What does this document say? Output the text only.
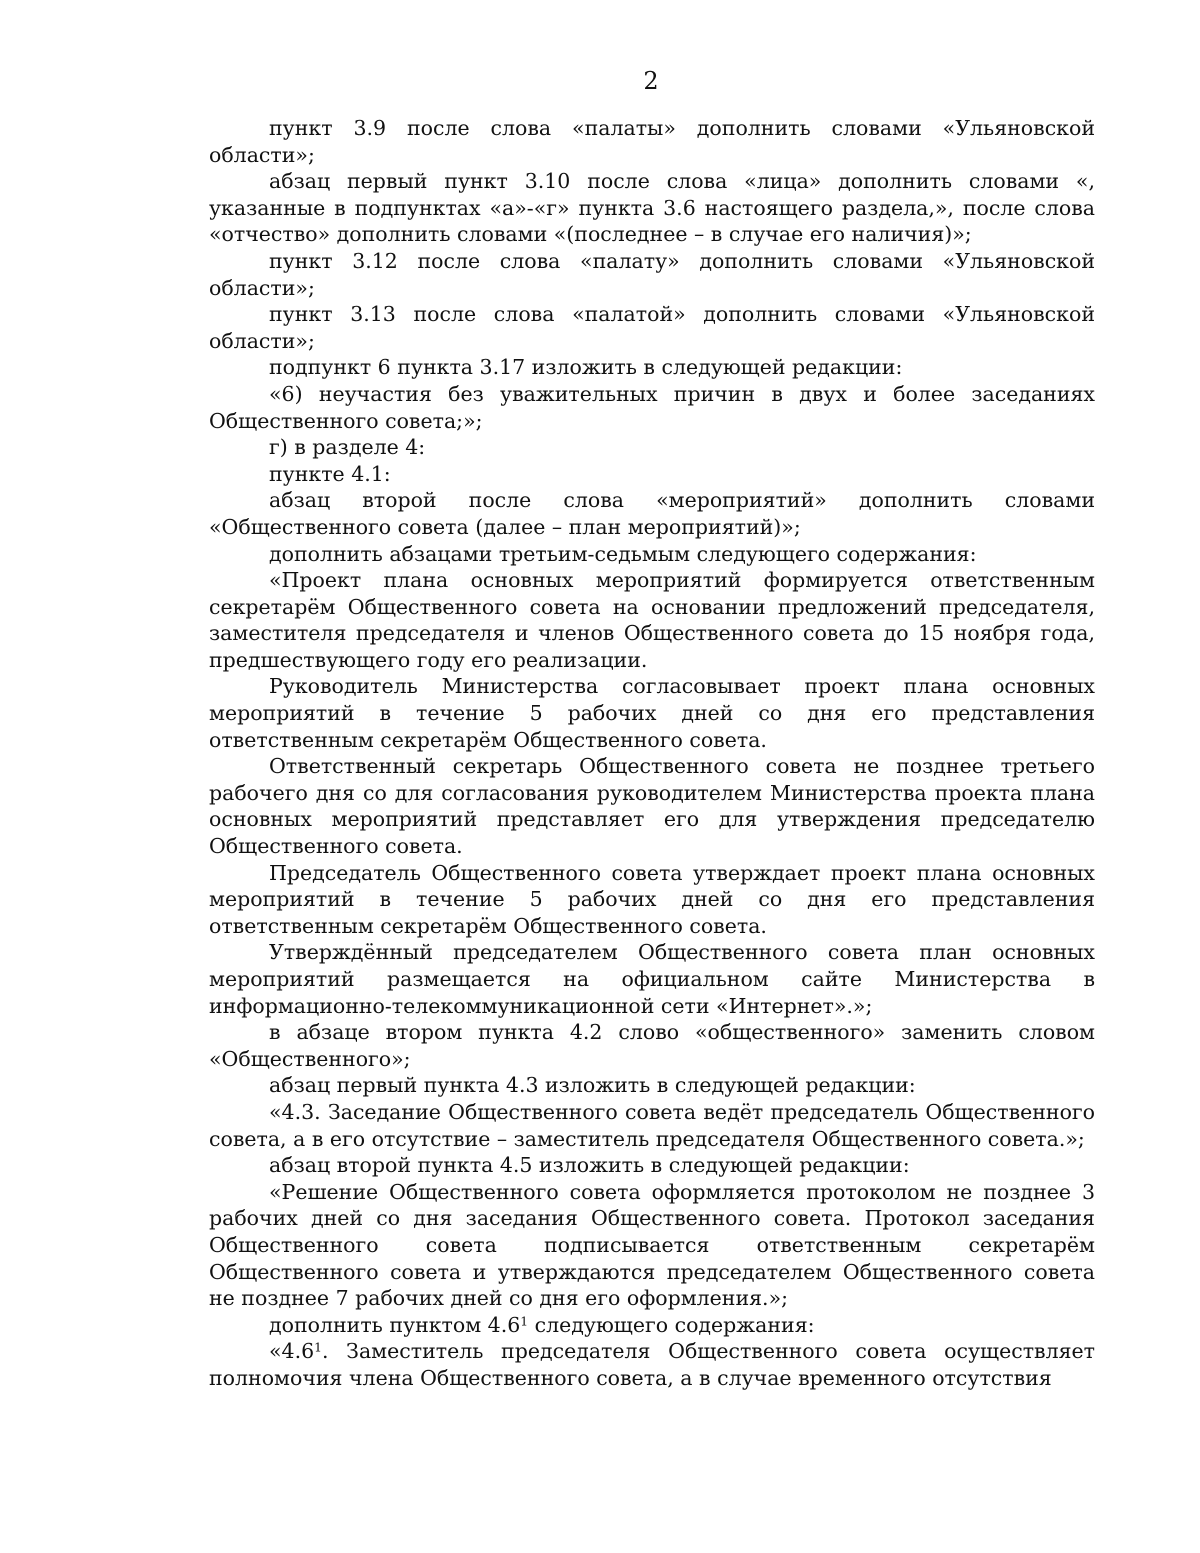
2

пункт 3.9 после слова «палаты» дополнить словами «Ульяновской области»;

абзац первый пункт 3.10 после слова «лица» дополнить словами «, указанные в подпунктах «а»-«г» пункта 3.6 настоящего раздела,», после слова «отчество» дополнить словами «(последнее – в случае его наличия)»;

пункт 3.12 после слова «палату» дополнить словами «Ульяновской области»;

пункт 3.13 после слова «палатой» дополнить словами «Ульяновской области»;

подпункт 6 пункта 3.17 изложить в следующей редакции:

«6) неучастия без уважительных причин в двух и более заседаниях Общественного совета;»;

г) в разделе 4:

пункте 4.1:

абзац второй после слова «мероприятий» дополнить словами «Общественного совета (далее – план мероприятий)»;

дополнить абзацами третьим-седьмым следующего содержания:

«Проект плана основных мероприятий формируется ответственным секретарём Общественного совета на основании предложений председателя, заместителя председателя и членов Общественного совета до 15 ноября года, предшествующего году его реализации.

Руководитель Министерства согласовывает проект плана основных мероприятий в течение 5 рабочих дней со дня его представления ответственным секретарём Общественного совета.

Ответственный секретарь Общественного совета не позднее третьего рабочего дня со для согласования руководителем Министерства проекта плана основных мероприятий представляет его для утверждения председателю Общественного совета.

Председатель Общественного совета утверждает проект плана основных мероприятий в течение 5 рабочих дней со дня его представления ответственным секретарём Общественного совета.

Утверждённый председателем Общественного совета план основных мероприятий размещается на официальном сайте Министерства в информационно-телекоммуникационной сети «Интернет».»;

в абзаце втором пункта 4.2 слово «общественного» заменить словом «Общественного»;

абзац первый пункта 4.3 изложить в следующей редакции:

«4.3. Заседание Общественного совета ведёт председатель Общественного совета, а в его отсутствие – заместитель председателя Общественного совета.»;

абзац второй пункта 4.5 изложить в следующей редакции:

«Решение Общественного совета оформляется протоколом не позднее 3 рабочих дней со дня заседания Общественного совета. Протокол заседания Общественного совета подписывается ответственным секретарём Общественного совета и утверждаются председателем Общественного совета не позднее 7 рабочих дней со дня его оформления.»;

дополнить пунктом $4.6^1$ следующего содержания:

«$4.6^1$. Заместитель председателя Общественного совета осуществляет полномочия члена Общественного совета, а в случае временного отсутствия
